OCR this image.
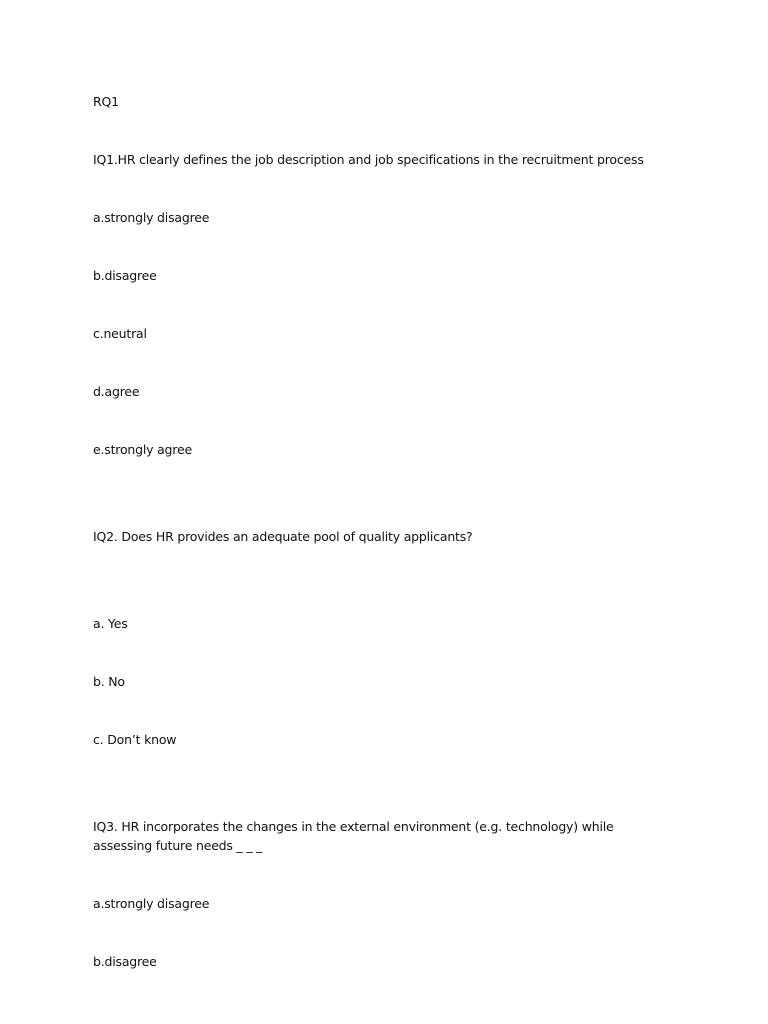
RQ1

IQ1.HR clearly defines the job description and job specifications in the recruitment process

a.strongly disagree

b.disagree

c.neutral

d.agree

e.strongly agree

IQ2. Does HR provides an adequate pool of quality applicants?

a. Yes

b. No

c. Don’t know

IQ3. HR incorporates the changes in the external environment (e.g. technology) while assessing future needs _ _ _

a.strongly disagree

b.disagree
